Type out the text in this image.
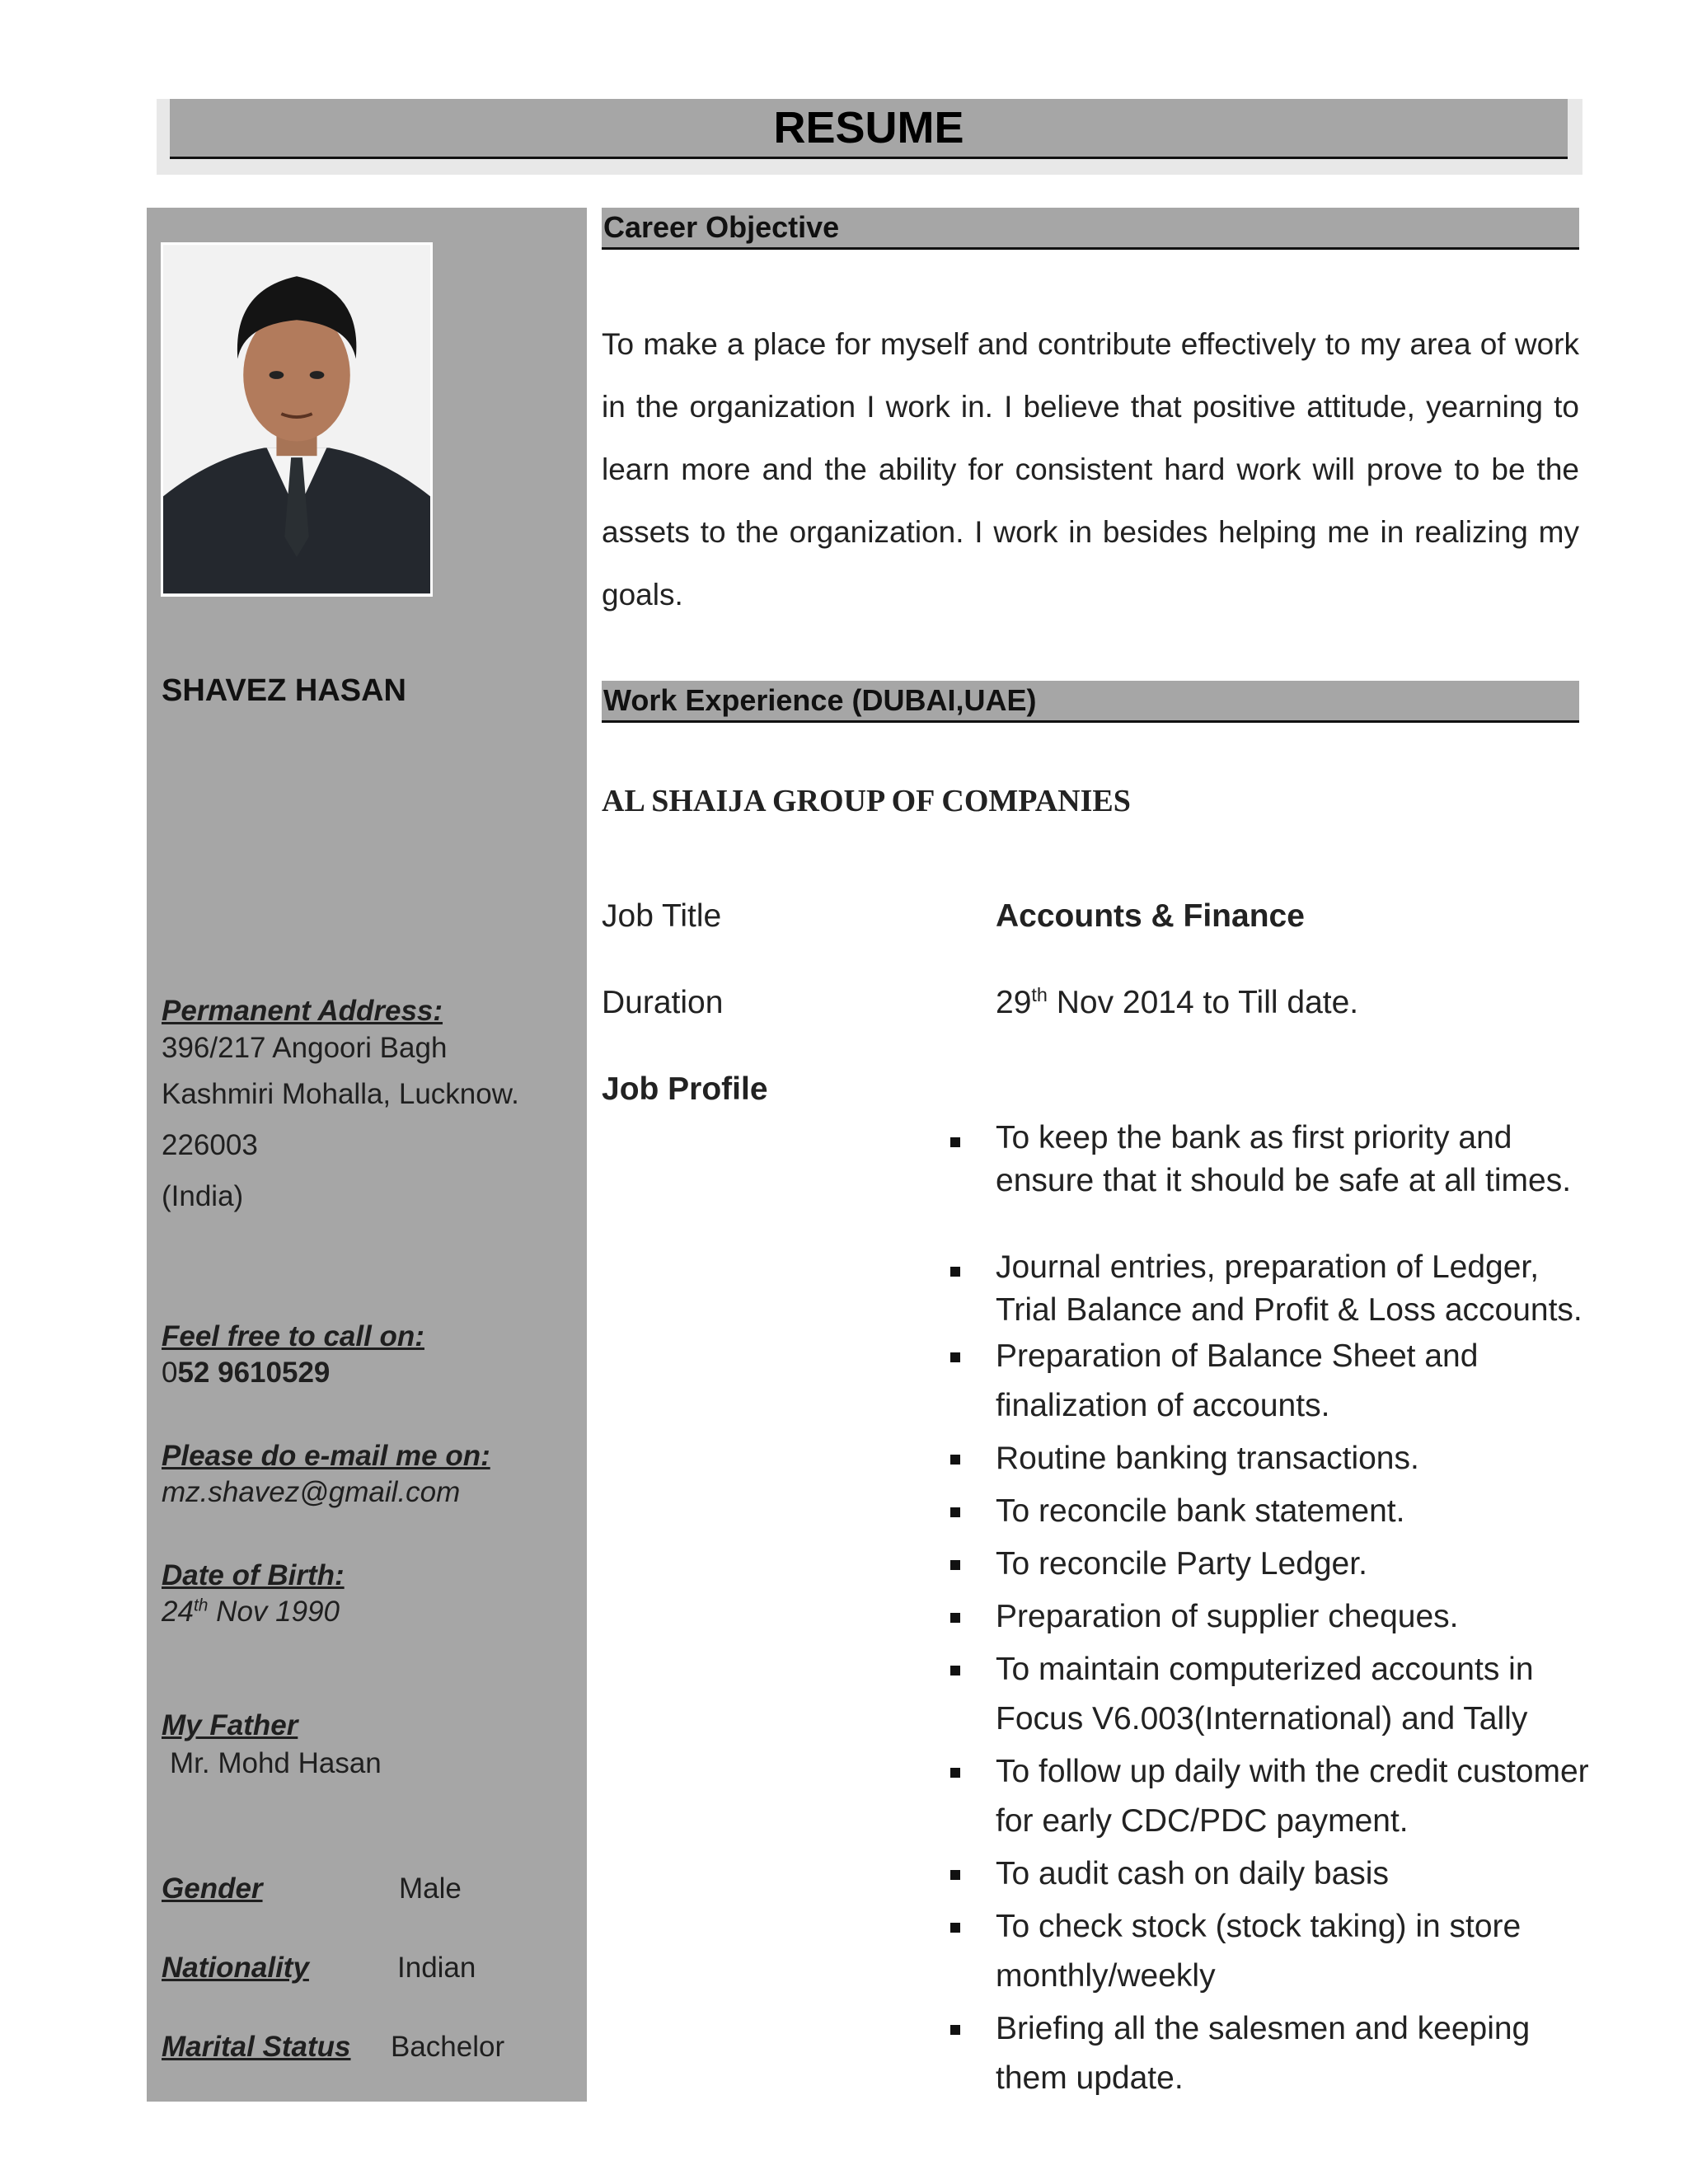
RESUME
SHAVEZ HASAN
Permanent Address:
396/217 Angoori Bagh
Kashmiri Mohalla, Lucknow.
226003
(India)
Feel free to call on:
052 9610529
Please do e-mail me on:
mz.shavez@gmail.com
Date of Birth:
24th Nov 1990
My Father
Mr. Mohd Hasan
Gender	Male
Nationality	Indian
Marital Status Bachelor
Career Objective
To make a place for myself and contribute effectively to my area of work in the organization I work in. I believe that positive attitude, yearning to learn more and the ability for consistent hard work will prove to be the assets to the organization. I work in besides helping me in realizing my goals.
Work Experience (DUBAI,UAE)
AL SHAIJA GROUP OF COMPANIES
Job Title	Accounts & Finance
Duration	29th Nov 2014 to Till date.
Job Profile
To keep the bank as first priority and ensure that it should be safe at all times.
Journal entries, preparation of Ledger, Trial Balance and Profit & Loss accounts.
Preparation of Balance Sheet and finalization of accounts.
Routine banking transactions.
To reconcile bank statement.
To reconcile Party Ledger.
Preparation of supplier cheques.
To maintain computerized accounts in Focus V6.003(International) and Tally
To follow up daily with the credit customer for early CDC/PDC payment.
To audit cash on daily basis
To check stock (stock taking) in store monthly/weekly
Briefing all the salesmen and keeping them update.
